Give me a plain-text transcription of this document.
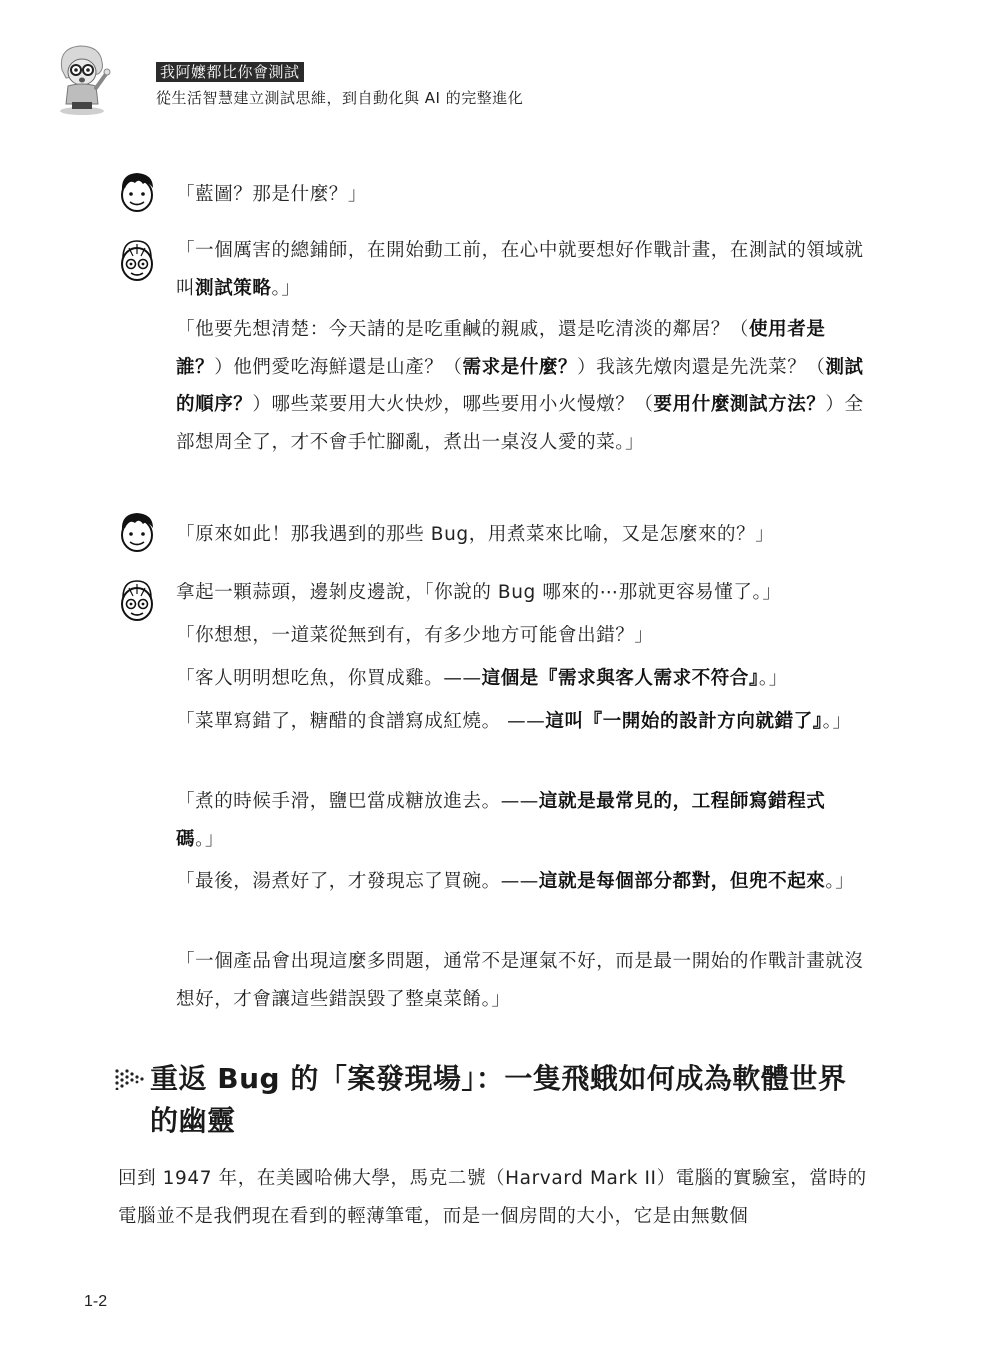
我阿嬤都比你會測試
從生活智慧建立測試思維，到自動化與 AI 的完整進化
「藍圖？那是什麼？」
「一個厲害的總鋪師，在開始動工前，在心中就要想好作戰計畫，在測試的領域就叫測試策略。」
「他要先想清楚：今天請的是吃重鹹的親戚，還是吃清淡的鄰居？（使用者是誰？）他們愛吃海鮮還是山產？（需求是什麼？）我該先燉肉還是先洗菜？（測試的順序？）哪些菜要用大火快炒，哪些要用小火慢燉？（要用什麼測試方法？）全部想周全了，才不會手忙腳亂，煮出一桌沒人愛的菜。」
「原來如此！那我遇到的那些 Bug，用煮菜來比喻，又是怎麼來的？」
拿起一顆蒜頭，邊剝皮邊說，「你說的 Bug 哪來的⋯那就更容易懂了。」
「你想想，一道菜從無到有，有多少地方可能會出錯？」
「客人明明想吃魚，你買成雞。——這個是『需求與客人需求不符合』。」
「菜單寫錯了，糖醋的食譜寫成紅燒。 ——這叫『一開始的設計方向就錯了』。」
「煮的時候手滑，鹽巴當成糖放進去。——這就是最常見的，工程師寫錯程式碼。」
「最後，湯煮好了，才發現忘了買碗。——這就是每個部分都對，但兜不起來。」
「一個產品會出現這麼多問題，通常不是運氣不好，而是最一開始的作戰計畫就沒想好，才會讓這些錯誤毀了整桌菜餚。」
重返 Bug 的「案發現場」：一隻飛蛾如何成為軟體世界的幽靈

回到 1947 年，在美國哈佛大學，馬克二號（Harvard Mark II）電腦的實驗室，當時的電腦並不是我們現在看到的輕薄筆電，而是一個房間的大小，它是由無數個

1-2
